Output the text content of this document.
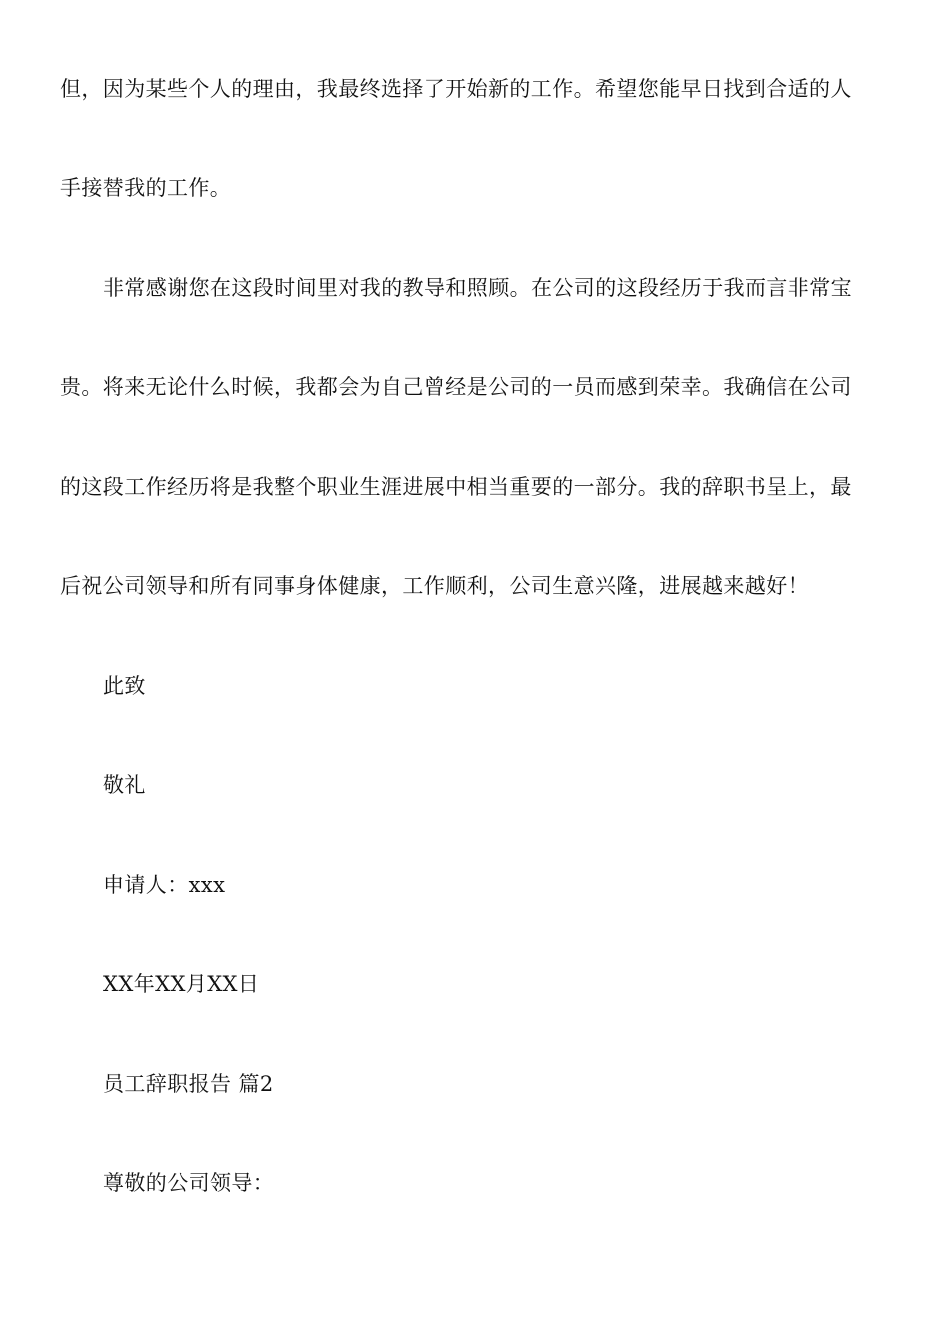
但，因为某些个人的理由，我最终选择了开始新的工作。希望您能早日找到合适的人
手接替我的工作。
非常感谢您在这段时间里对我的教导和照顾。在公司的这段经历于我而言非常宝
贵。将来无论什么时候，我都会为自己曾经是公司的一员而感到荣幸。我确信在公司
的这段工作经历将是我整个职业生涯进展中相当重要的一部分。我的辞职书呈上，最
后祝公司领导和所有同事身体健康，工作顺利，公司生意兴隆，进展越来越好！
此致
敬礼
申请人：xxx
XX年XX月XX日
员工辞职报告 篇2
尊敬的公司领导：
